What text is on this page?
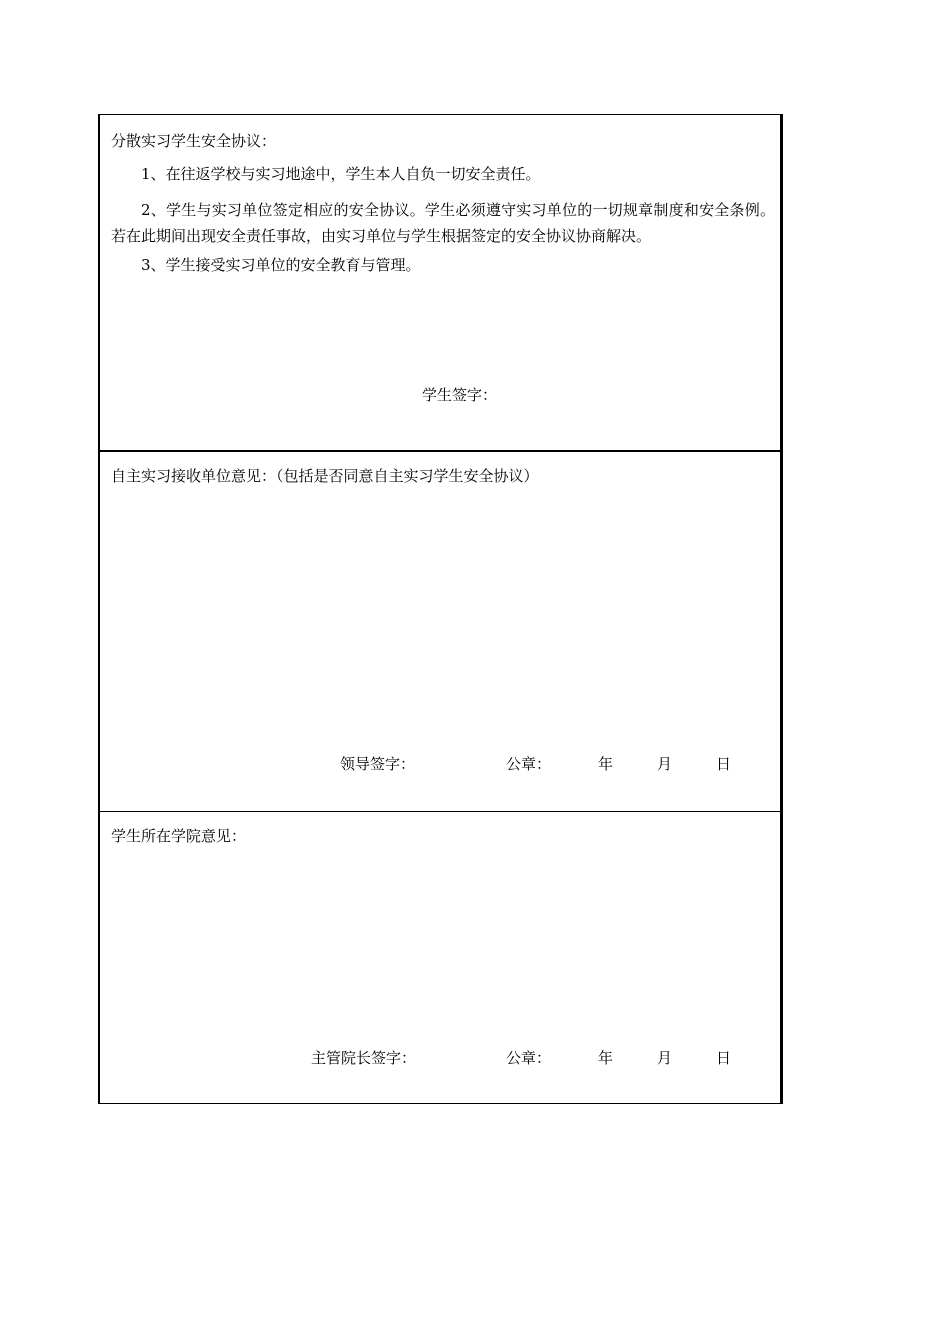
分散实习学生安全协议：
1、在往返学校与实习地途中，学生本人自负一切安全责任。
2、学生与实习单位签定相应的安全协议。学生必须遵守实习单位的一切规章制度和安全条例。若在此期间出现安全责任事故，由实习单位与学生根据签定的安全协议协商解决。
3、学生接受实习单位的安全教育与管理。
学生签字：
自主实习接收单位意见：（包括是否同意自主实习学生安全协议）
领导签字：	公章：	年	月	日
学生所在学院意见：
主管院长签字：	公章：	年	月	日
